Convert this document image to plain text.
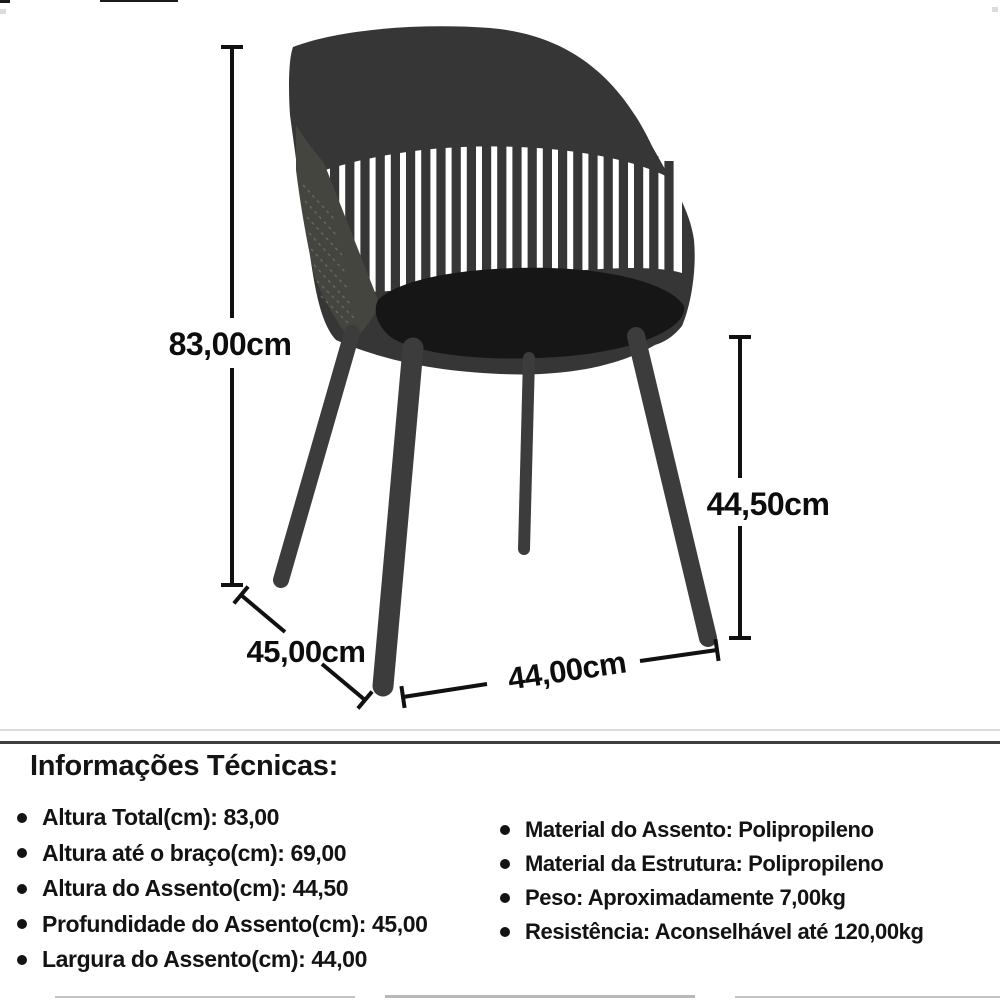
83,00cm
44,50cm
45,00cm	44,00cm
Informações Técnicas:
Altura Total(cm): 83,00
Altura até o braço(cm): 69,00
Altura do Assento(cm): 44,50
Profundidade do Assento(cm): 45,00
Largura do Assento(cm): 44,00
Material do Assento: Polipropileno
Material da Estrutura: Polipropileno
Peso: Aproximadamente 7,00kg
Resistência: Aconselhável até 120,00kg
